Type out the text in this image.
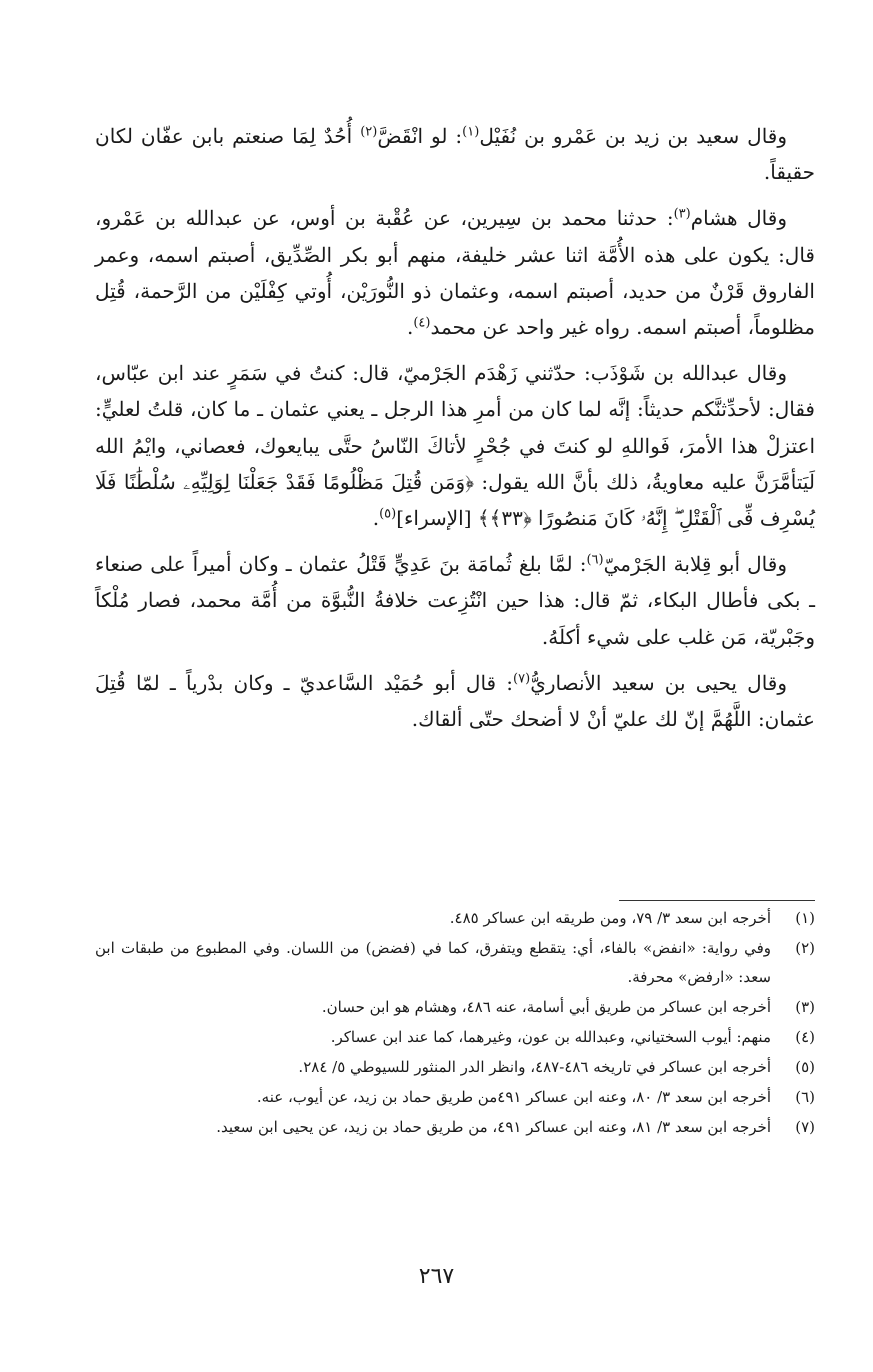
وقال سعيد بن زيد بن عَمْرو بن نُفَيْل$^{(١)}$: لو انْقَضَّ$^{(٢)}$ أُحُدٌ لِمَا صنعتم بابن عفّان لكان حقيقاً.

وقال هشام$^{(٣)}$: حدثنا محمد بن سِيرين، عن عُقْبة بن أوس، عن عبدالله بن عَمْرو، قال: يكون على هذه الأُمَّة اثنا عشر خليفة، منهم أبو بكر الصِّدِّيق، أصبتم اسمه، وعمر الفاروق قَرْنٌ من حديد، أصبتم اسمه، وعثمان ذو النُّورَيْن، أُوتي كِفْلَيْن من الرَّحمة، قُتِل مظلوماً، أصبتم اسمه. رواه غير واحد عن محمد$^{(٤)}$.

وقال عبدالله بن شَوْذَب: حدّثني زَهْدَم الجَرْميّ، قال: كنتُ في سَمَرٍ عند ابن عبّاس، فقال: لأحدِّثنَّكم حديثاً: إنَّه لما كان من أمرِ هذا الرجل ـ يعني عثمان ـ ما كان، قلتُ لعليٍّ: اعتزلْ هذا الأمرَ، فَواللهِ لو كنتَ في جُحْرٍ لأتاكَ النّاسُ حتَّى يبايعوك، فعصاني، وايْمُ الله لَيَتأمَّرَنَّ عليه معاويةُ، ذلك بأنَّ الله يقول: ﴿وَمَن قُتِلَ مَظْلُومًا فَقَدْ جَعَلْنَا لِوَلِيِّهِۦ سُلْطَٰنًا فَلَا يُسْرِف فِّى ٱلْقَتْلِ ۖ إِنَّهُۥ كَانَ مَنصُورًا ﴿٣٣﴾﴾ [الإسراء]$^{(٥)}$.

وقال أبو قِلابة الجَرْميّ$^{(٦)}$: لمَّا بلغ ثُمامَة بنَ عَدِيٍّ قَتْلُ عثمان ـ وكان أميراً على صنعاء ـ بكى فأطال البكاء، ثمّ قال: هذا حين انْتُزِعت خلافةُ النُّبوَّة من أُمَّة محمد، فصار مُلْكاً وجَبْريّة، مَن غلب على شيء أكلَهُ.

وقال يحيى بن سعيد الأنصاريُّ$^{(٧)}$: قال أبو حُمَيْد السَّاعديّ ـ وكان بدْرياً ـ لمّا قُتِلَ عثمان: اللَّهُمَّ إنّ لك عليّ أنْ لا أضحك حتّى ألقاك.

(١)
أخرجه ابن سعد ٣/ ٧٩، ومن طريقه ابن عساكر ٤٨٥.
(٢)
وفي رواية: «انفض» بالفاء، أي: يتقطع ويتفرق، كما في (فضض) من اللسان. وفي المطبوع من طبقات ابن سعد: «ارفض» محرفة.
(٣)
أخرجه ابن عساكر من طريق أبي أسامة، عنه ٤٨٦، وهشام هو ابن حسان.
(٤)
منهم: أيوب السختياني، وعبدالله بن عون، وغيرهما، كما عند ابن عساكر.
(٥)
أخرجه ابن عساكر في تاريخه ٤٨٦-٤٨٧، وانظر الدر المنثور للسيوطي ٥/ ٢٨٤.
(٦)
أخرجه ابن سعد ٣/ ٨٠، وعنه ابن عساكر ٤٩١من طريق حماد بن زيد، عن أيوب، عنه.
(٧)
أخرجه ابن سعد ٣/ ٨١، وعنه ابن عساكر ٤٩١، من طريق حماد بن زيد، عن يحيى ابن سعيد.
٢٦٧
